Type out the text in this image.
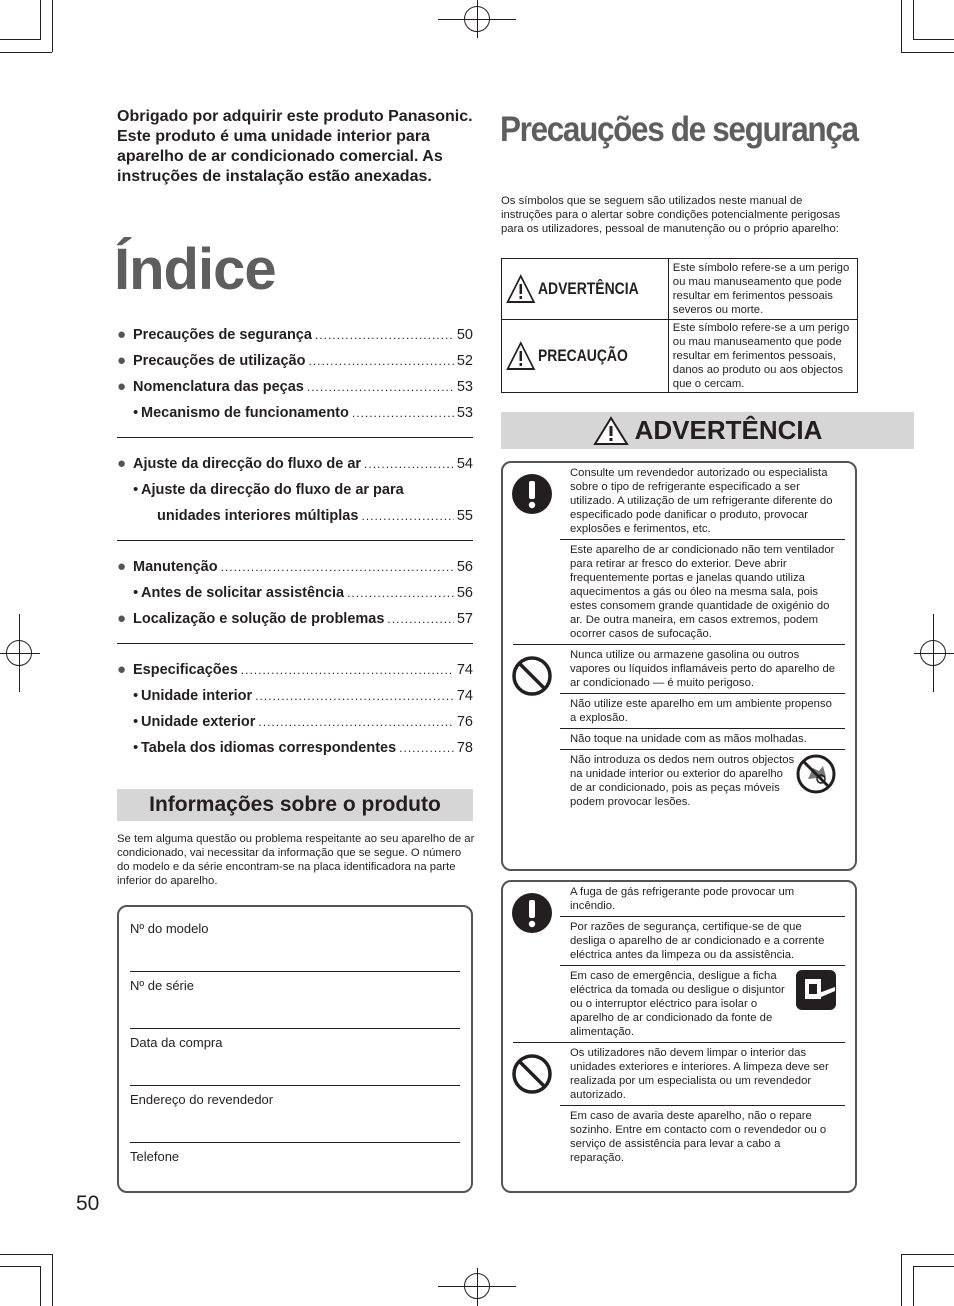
Obrigado por adquirir este produto Panasonic. Este produto é uma unidade interior para aparelho de ar condicionado comercial. As instruções de instalação estão anexadas.
Índice
● Precauções de segurança .....	50
● Precauções de utilização .....	52
● Nomenclatura das peças .....	53
• Mecanismo de funcionamento .....	53
● Ajuste da direcção do fluxo de ar .....	54
• Ajuste da direcção do fluxo de ar para
unidades interiores múltiplas .....	55
● Manutenção .....	56
• Antes de solicitar assistência .....	56
● Localização e solução de problemas .....	57
● Especificações .....	74
• Unidade interior .....	74
• Unidade exterior .....	76
• Tabela dos idiomas correspondentes .....	78
Informações sobre o produto
Se tem alguma questão ou problema respeitante ao seu aparelho de ar condicionado, vai necessitar da informação que se segue. O número do modelo e da série encontram-se na placa identificadora na parte inferior do aparelho.
Nº do modelo
Nº de série
Data da compra
Endereço do revendedor
Telefone
50
Precauções de segurança
Os símbolos que se seguem são utilizados neste manual de instruções para o alertar sobre condições potencialmente perigosas para os utilizadores, pessoal de manutenção ou o próprio aparelho:
ADVERTÊNCIA	Este símbolo refere-se a um perigo ou mau manuseamento que pode resultar em ferimentos pessoais severos ou morte.

PRECAUÇÃO	Este símbolo refere-se a um perigo ou mau manuseamento que pode resultar em ferimentos pessoais, danos ao produto ou aos objectos que o cercam.
ADVERTÊNCIA
Consulte um revendedor autorizado ou especialista sobre o tipo de refrigerante especificado a ser utilizado. A utilização de um refrigerante diferente do especificado pode danificar o produto, provocar explosões e ferimentos, etc.
Este aparelho de ar condicionado não tem ventilador para retirar ar fresco do exterior. Deve abrir frequentemente portas e janelas quando utiliza aquecimentos a gás ou óleo na mesma sala, pois estes consomem grande quantidade de oxigénio do ar. De outra maneira, em casos extremos, podem ocorrer casos de sufocação.
Nunca utilize ou armazene gasolina ou outros vapores ou líquidos inflamáveis perto do aparelho de ar condicionado — é muito perigoso.
Não utilize este aparelho em um ambiente propenso a explosão.
Não toque na unidade com as mãos molhadas.
Não introduza os dedos nem outros objectos na unidade interior ou exterior do aparelho de ar condicionado, pois as peças móveis podem provocar lesões.
A fuga de gás refrigerante pode provocar um incêndio.
Por razões de segurança, certifique-se de que desliga o aparelho de ar condicionado e a corrente eléctrica antes da limpeza ou da assistência.
Em caso de emergência, desligue a ficha eléctrica da tomada ou desligue o disjuntor ou o interruptor eléctrico para isolar o aparelho de ar condicionado da fonte de alimentação.
Os utilizadores não devem limpar o interior das unidades exteriores e interiores. A limpeza deve ser realizada por um especialista ou um revendedor autorizado.
Em caso de avaria deste aparelho, não o repare sozinho. Entre em contacto com o revendedor ou o serviço de assistência para levar a cabo a reparação.
